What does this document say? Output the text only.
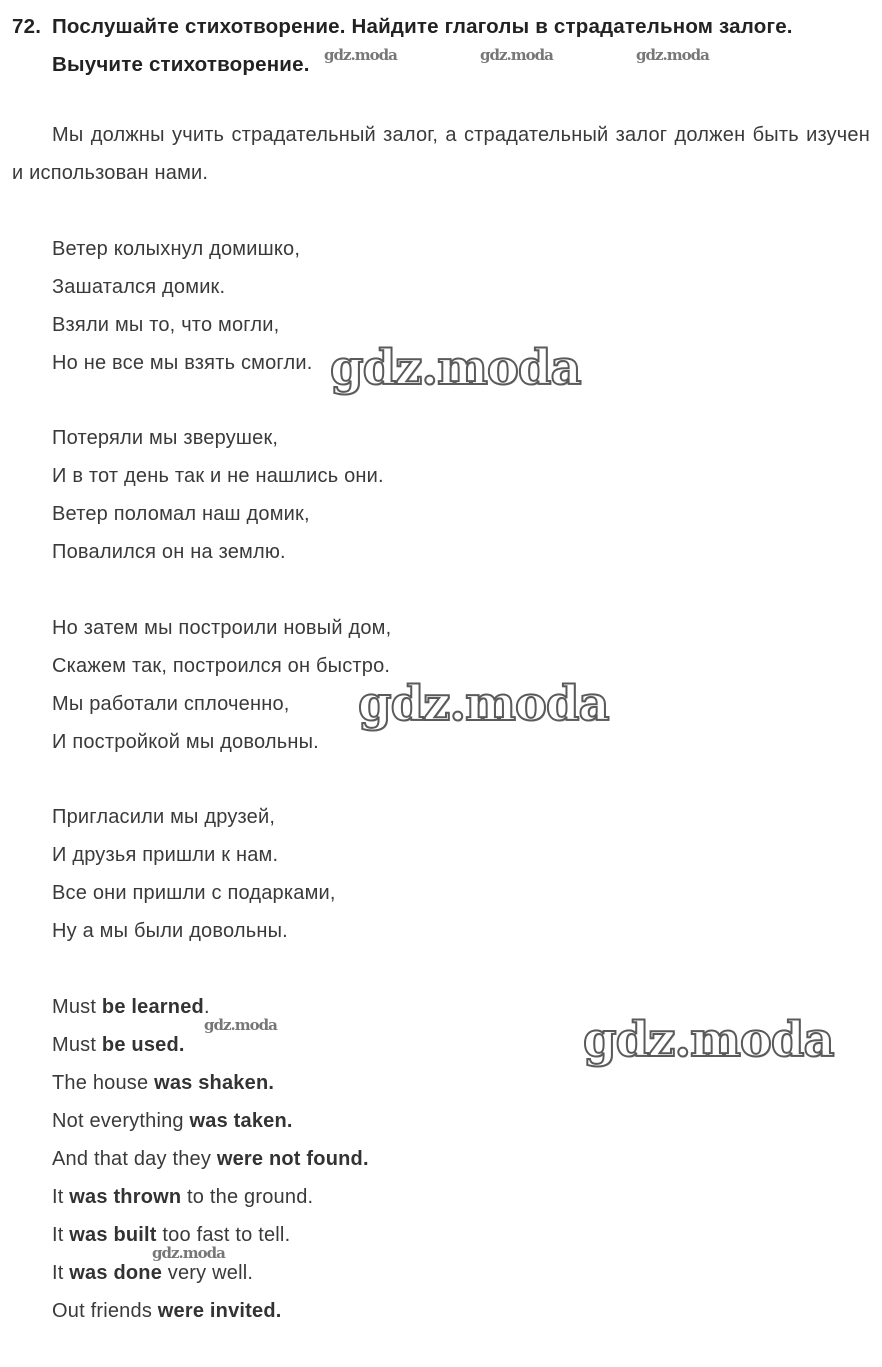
72. Послушайте стихотворение. Найдите глаголы в страдательном залоге.
Выучите стихотворение.
Мы должны учить страдательный залог, а страдательный залог должен быть изучен и использован нами.
Ветер колыхнул домишко,
Зашатался домик.
Взяли мы то, что могли,
Но не все мы взять смогли.
Потеряли мы зверушек,
И в тот день так и не нашлись они.
Ветер поломал наш домик,
Повалился он на землю.
Но затем мы построили новый дом,
Скажем так, построился он быстро.
Мы работали сплоченно,
И постройкой мы довольны.
Пригласили мы друзей,
И друзья пришли к нам.
Все они пришли с подарками,
Ну а мы были довольны.
Must be learned.
Must be used.
The house was shaken.
Not everything was taken.
And that day they were not found.
It was thrown to the ground.
It was built too fast to tell.
It was done very well.
Out friends were invited.
gdz.moda	gdz.moda	gdz.moda
gdz.moda
gdz.moda
gdz.moda	gdz.moda
gdz.moda
